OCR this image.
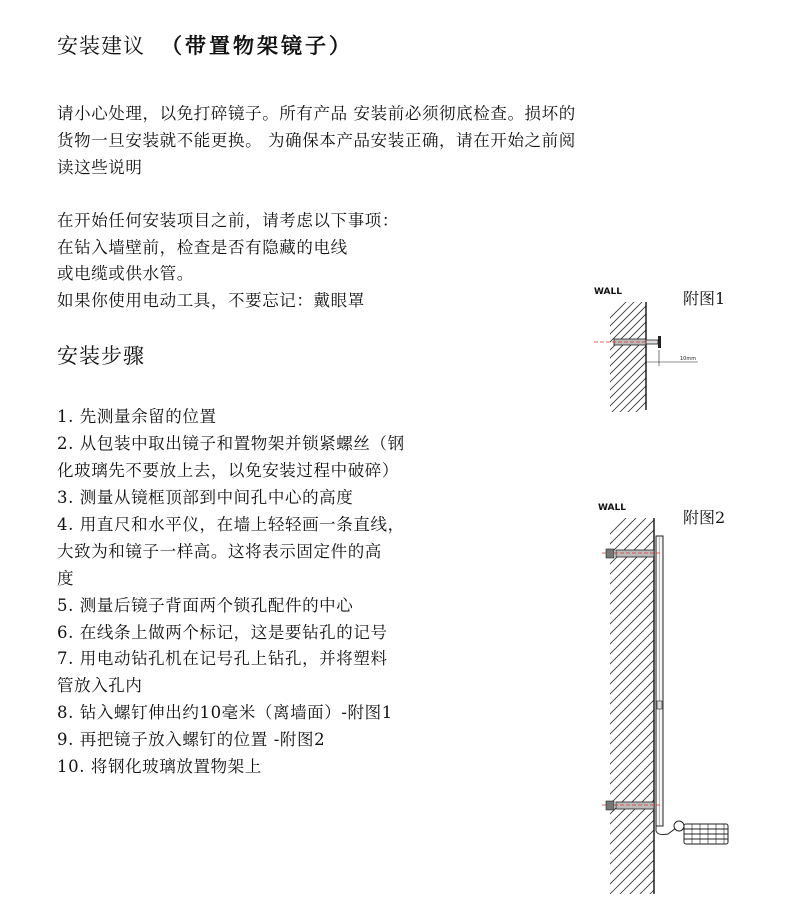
安装建议 （带置物架镜子）
请小心处理，以免打碎镜子。所有产品 安装前必须彻底检查。损坏的
货物一旦安装就不能更换。 为确保本产品安装正确，请在开始之前阅
读这些说明
在开始任何安装项目之前，请考虑以下事项：
在钻入墙壁前，检查是否有隐藏的电线
或电缆或供水管。
如果你使用电动工具，不要忘记：戴眼罩
安装步骤
1. 先测量余留的位置
2. 从包装中取出镜子和置物架并锁紧螺丝（钢
化玻璃先不要放上去，以免安装过程中破碎）
3. 测量从镜框顶部到中间孔中心的高度
4. 用直尺和水平仪，在墙上轻轻画一条直线，
大致为和镜子一样高。这将表示固定件的高
度
5. 测量后镜子背面两个锁孔配件的中心
6. 在线条上做两个标记，这是要钻孔的记号
7. 用电动钻孔机在记号孔上钻孔，并将塑料
管放入孔内
8. 钻入螺钉伸出约10毫米（离墙面）-附图1
9. 再把镜子放入螺钉的位置 -附图2
10. 将钢化玻璃放置物架上
附图1
WALL
10mm
附图2
WALL
